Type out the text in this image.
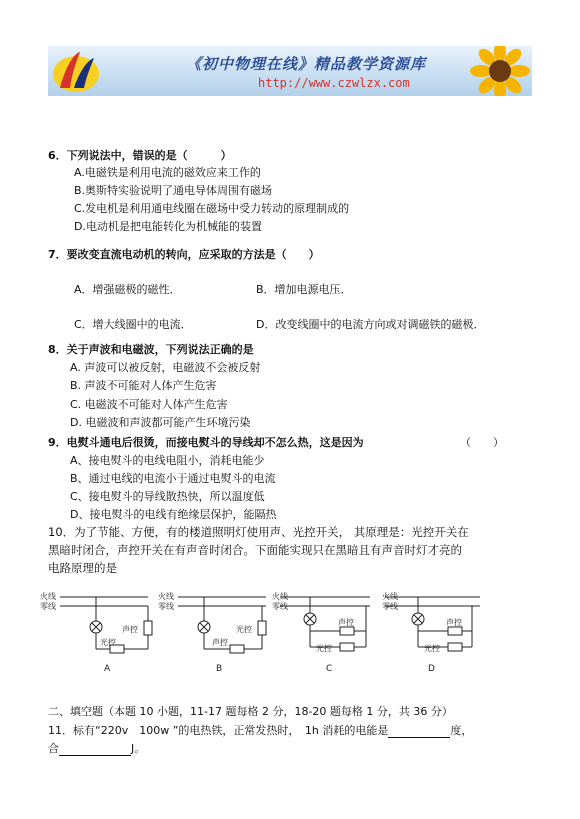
《初中物理在线》精品教学资源库
http://www.czwlzx.com
6．下列说法中，错误的是（　　　）
A.电磁铁是利用电流的磁效应来工作的
B.奥斯特实验说明了通电导体周围有磁场
C.发电机是利用通电线圈在磁场中受力转动的原理制成的
D.电动机是把电能转化为机械能的装置
7．要改变直流电动机的转向，应采取的方法是（　　）
A．增强磁极的磁性．	B．增加电源电压．
C．增大线圈中的电流．	D．改变线圈中的电流方向或对调磁铁的磁极．
8．关于声波和电磁波，下列说法正确的是
A. 声波可以被反射，电磁波不会被反射
B. 声波不可能对人体产生危害
C. 电磁波不可能对人体产生危害
D. 电磁波和声波都可能产生环境污染
9．电熨斗通电后很烫，而接电熨斗的导线却不怎么热，这是因为	（　　）
A、接电熨斗的电线电阻小，消耗电能少
B、通过电线的电流小于通过电熨斗的电流
C、接电熨斗的导线散热快，所以温度低
D、接电熨斗的电线有绝缘层保护，能隔热
10．为了节能、方便，有的楼道照明灯使用声、光控开关， 其原理是：光控开关在
黑暗时闭合，声控开关在有声音时闭合。下面能实现只在黑暗且有声音时灯才亮的
电路原理的是
火线
零线
声控
光控
火线
零线
光控
声控
火线
零线
声控
光控
火线
零线
声控
光控
A	B	C	D
二、填空题（本题 10 小题，11-17 题每格 2 分，18-20 题每格 1 分，共 36 分）
11．标有“220v　100w ”的电热铁，正常发热时，　1h 消耗的电能是	度，
合	J。
